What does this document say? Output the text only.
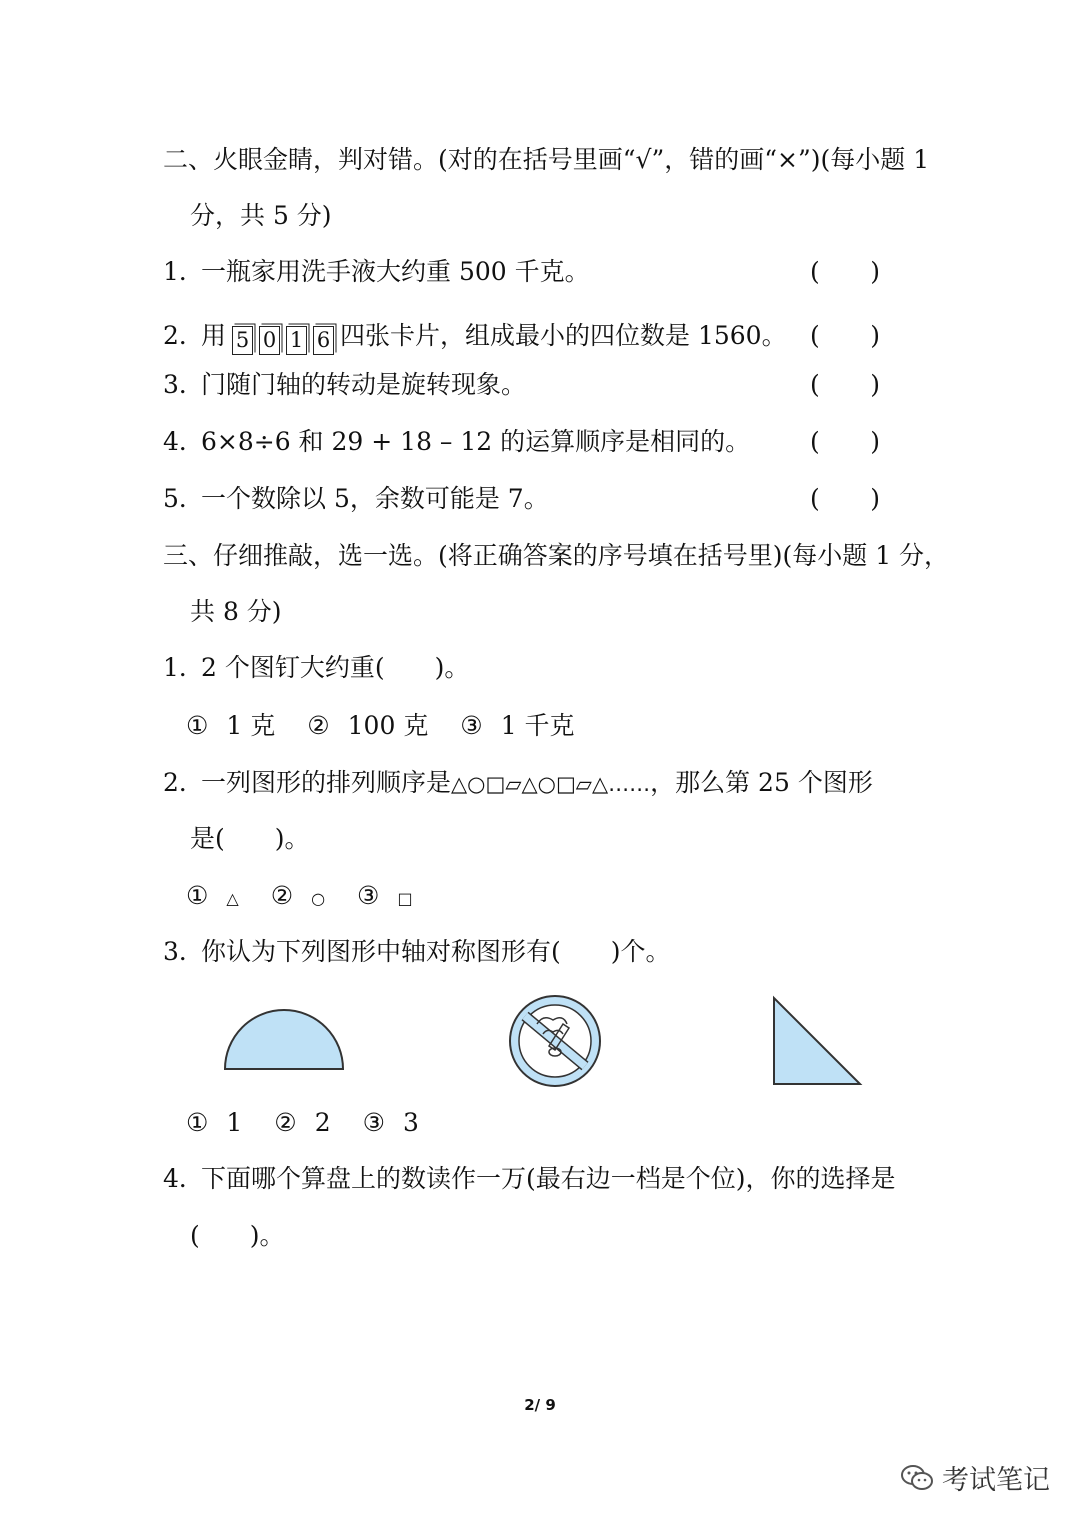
二、火眼金睛，判对错。(对的在括号里画“√”，错的画“×”)(每小题 1
分，共 5 分)
1．一瓶家用洗手液大约重 500 千克。	( )
2．用 5 0 1 6 四张卡片，组成最小的四位数是 1560。 ( )
3．门随门轴的转动是旋转现象。	( )
4．6×8÷6 和 29 + 18 – 12 的运算顺序是相同的。 ( )
5．一个数除以 5，余数可能是 7。	( )
三、仔细推敲，选一选。(将正确答案的序号填在括号里)(每小题 1 分，
共 8 分)
1．2 个图钉大约重(　　)。
① 1 克 ② 100 克 ③ 1 千克
2．一列图形的排列顺序是△○□▱△○□▱△……，那么第 25 个图形
是(　　)。
① △ ② ○ ③ □
3．你认为下列图形中轴对称图形有(　　)个。
① 1 ② 2 ③ 3
4．下面哪个算盘上的数读作一万(最右边一档是个位)，你的选择是
(　　)。
2/ 9
考试笔记
